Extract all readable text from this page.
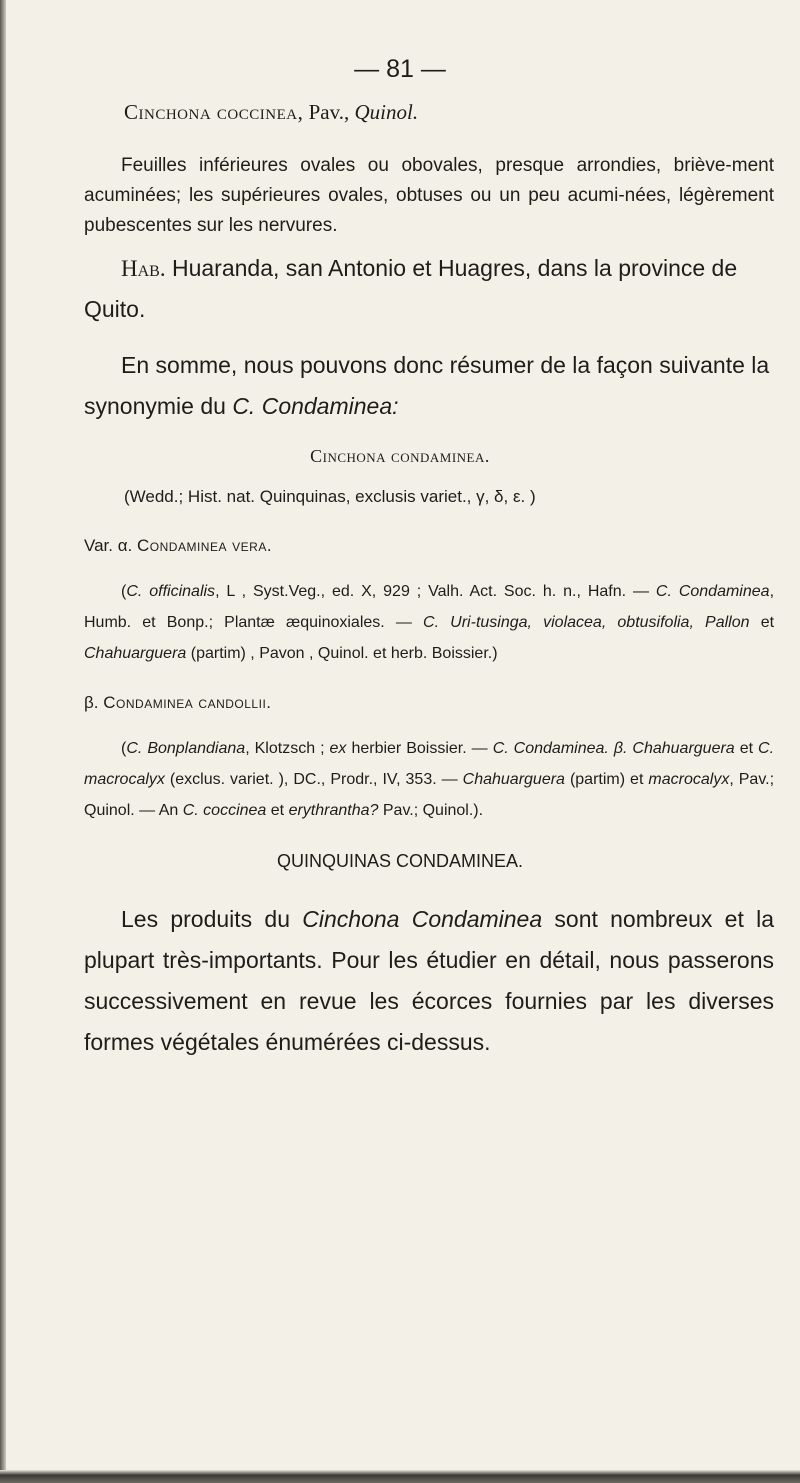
— 81 —
Cinchona coccinea, Pav., Quinol.
Feuilles inférieures ovales ou obovales, presque arrondies, briève-ment acuminées; les supérieures ovales, obtuses ou un peu acumi-nées, légèrement pubescentes sur les nervures.
Hab. Huaranda, san Antonio et Huagres, dans la province de Quito.
En somme, nous pouvons donc résumer de la façon suivante la synonymie du C. Condaminea:
Cinchona condaminea.
(Wedd.; Hist. nat. Quinquinas, exclusis variet., γ, δ, ε. )
Var. α. Condaminea vera.
(C. officinalis, L , Syst.Veg., ed. X, 929 ; Valh. Act. Soc. h. n., Hafn. — C. Condaminea, Humb. et Bonp.; Plantæ æquinoxiales. — C. Uri-tusinga, violacea, obtusifolia, Pallon et Chahuarguera (partim) , Pavon , Quinol. et herb. Boissier.)
β. Condaminea candollii.
(C. Bonplandiana, Klotzsch ; ex herbier Boissier. — C. Condaminea. β. Chahuarguera et C. macrocalyx (exclus. variet. ), DC., Prodr., IV, 353. — Chahuarguera (partim) et macrocalyx, Pav.; Quinol. — An C. coccinea et erythrantha? Pav.; Quinol.).
QUINQUINAS CONDAMINEA.
Les produits du Cinchona Condaminea sont nombreux et la plupart très-importants. Pour les étudier en détail, nous passerons successivement en revue les écorces fournies par les diverses formes végétales énumérées ci-dessus.
